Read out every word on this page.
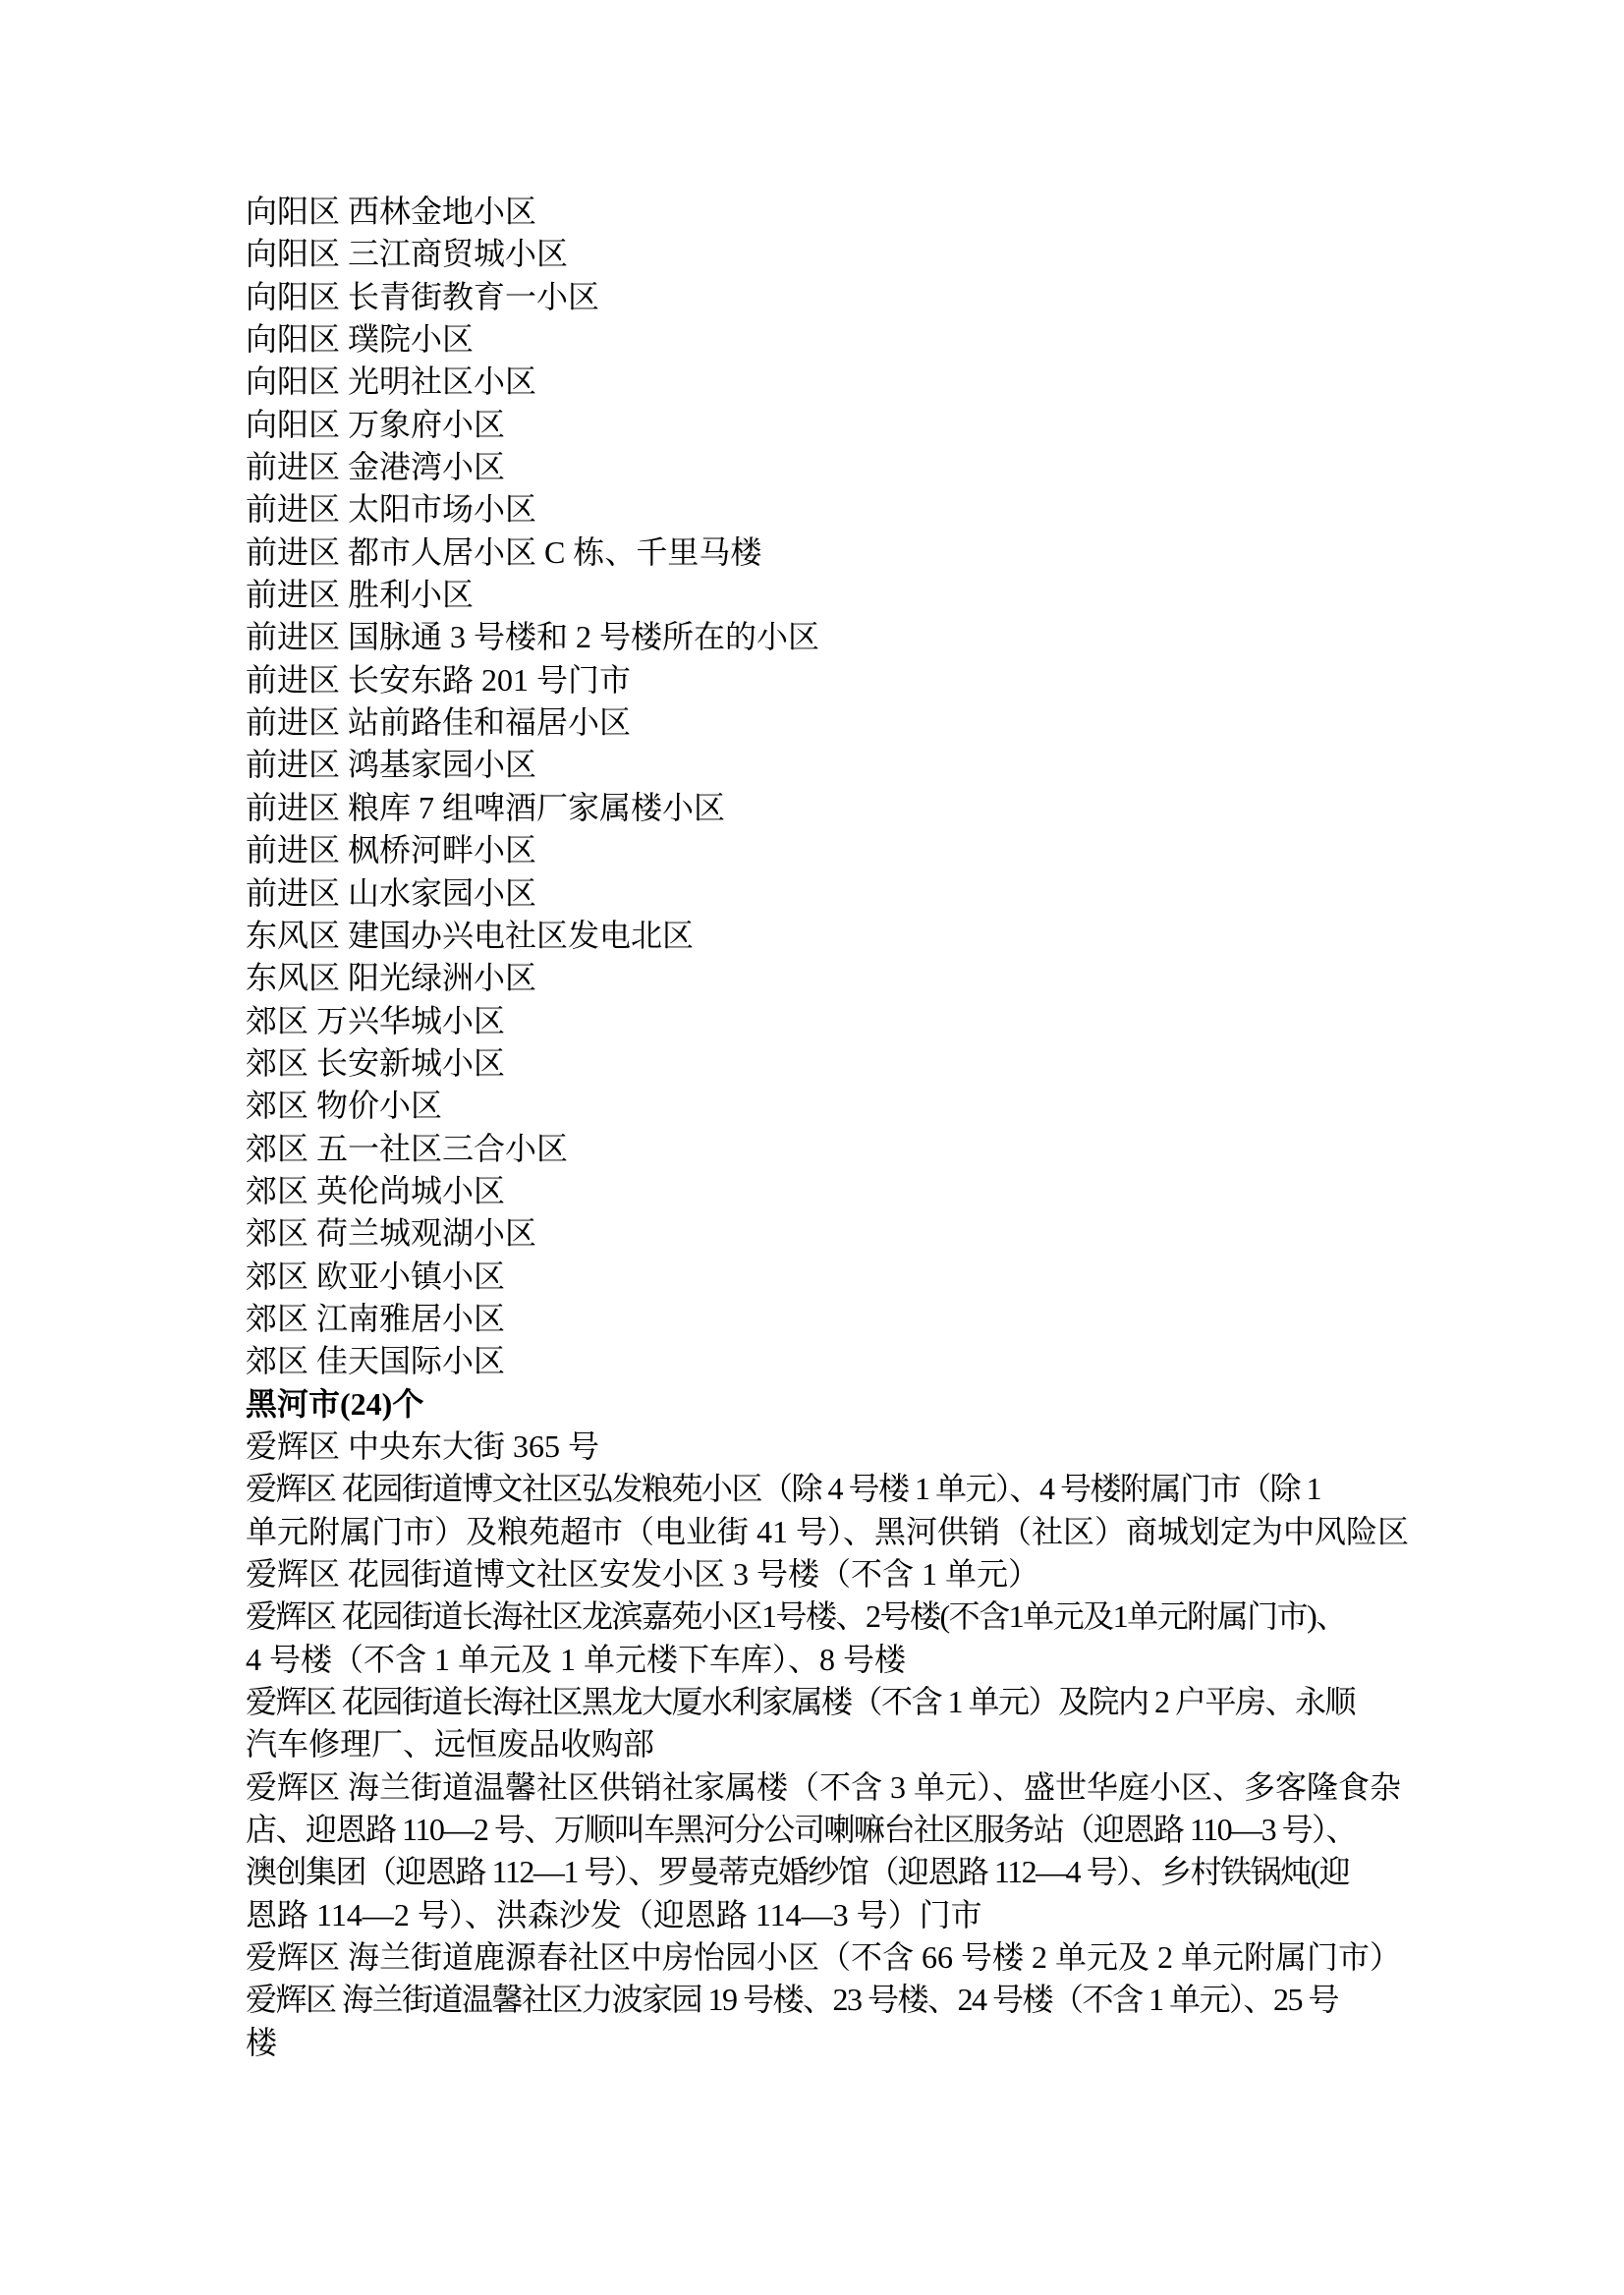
向阳区 西林金地小区
向阳区 三江商贸城小区
向阳区 长青街教育一小区
向阳区 璞院小区
向阳区 光明社区小区
向阳区 万象府小区
前进区 金港湾小区
前进区 太阳市场小区
前进区 都市人居小区 C 栋、千里马楼
前进区 胜利小区
前进区 国脉通 3 号楼和 2 号楼所在的小区
前进区 长安东路 201 号门市
前进区 站前路佳和福居小区
前进区 鸿基家园小区
前进区 粮库 7 组啤酒厂家属楼小区
前进区 枫桥河畔小区
前进区 山水家园小区
东风区 建国办兴电社区发电北区
东风区 阳光绿洲小区
郊区 万兴华城小区
郊区 长安新城小区
郊区 物价小区
郊区 五一社区三合小区
郊区 英伦尚城小区
郊区 荷兰城观湖小区
郊区 欧亚小镇小区
郊区 江南雅居小区
郊区 佳天国际小区
黑河市(24)个
爱辉区 中央东大街 365 号
爱辉区 花园街道博文社区弘发粮苑小区（除 4 号楼 1 单元）、4 号楼附属门市（除 1
单元附属门市）及粮苑超市（电业街 41 号）、黑河供销（社区）商城划定为中风险区
爱辉区 花园街道博文社区安发小区 3 号楼（不含 1 单元）
爱辉区 花园街道长海社区龙滨嘉苑小区1号楼、2号楼(不含1单元及1单元附属门市)、
4 号楼（不含 1 单元及 1 单元楼下车库）、8 号楼
爱辉区 花园街道长海社区黑龙大厦水利家属楼（不含 1 单元）及院内 2 户平房、永顺
汽车修理厂、远恒废品收购部
爱辉区 海兰街道温馨社区供销社家属楼（不含 3 单元）、盛世华庭小区、多客隆食杂
店、迎恩路 110—2 号、万顺叫车黑河分公司喇嘛台社区服务站（迎恩路 110—3 号）、
澳创集团（迎恩路 112—1 号）、罗曼蒂克婚纱馆（迎恩路 112—4 号）、乡村铁锅炖(迎
恩路 114—2 号）、洪森沙发（迎恩路 114—3 号）门市
爱辉区 海兰街道鹿源春社区中房怡园小区（不含 66 号楼 2 单元及 2 单元附属门市）
爱辉区 海兰街道温馨社区力波家园 19 号楼、23 号楼、24 号楼（不含 1 单元）、25 号
楼
